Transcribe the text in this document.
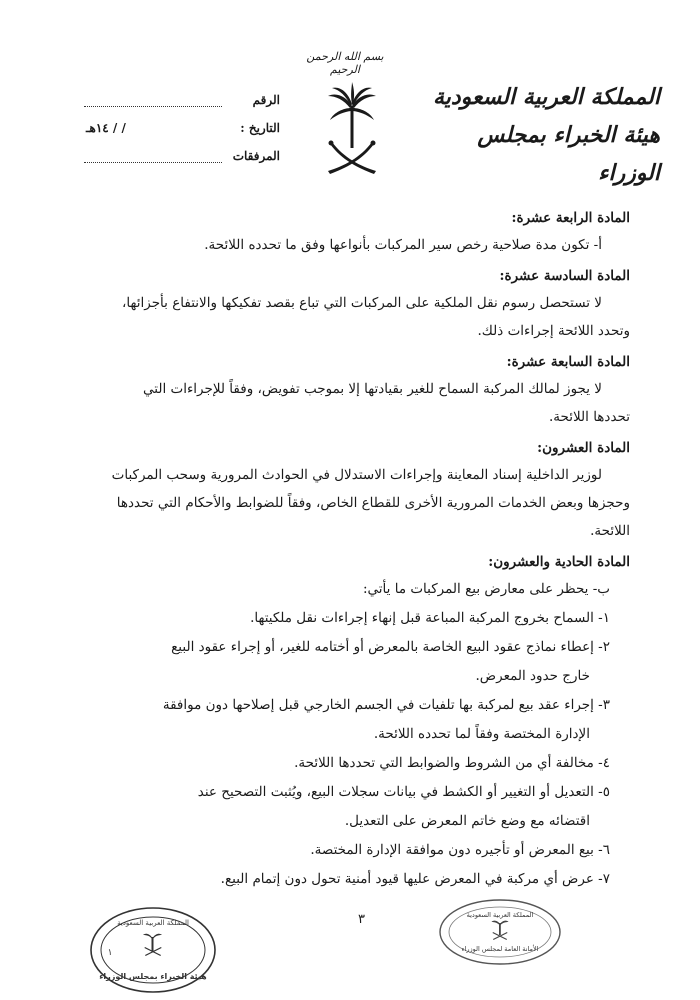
بسم الله الرحمن الرحيم
المملكة العربية السعودية
هيئة الخبراء بمجلس الوزراء
الرقم
التاريخ :
/ / ١٤هـ
المرفقات
المادة الرابعة عشرة:
أ- تكون مدة صلاحية رخص سير المركبات بأنواعها وفق ما تحدده اللائحة.
المادة السادسة عشرة:
لا تستحصل رسوم نقل الملكية على المركبات التي تباع بقصد تفكيكها والانتفاع بأجزائها،
وتحدد اللائحة إجراءات ذلك.
المادة السابعة عشرة:
لا يجوز لمالك المركبة السماح للغير بقيادتها إلا بموجب تفويض، وفقاً للإجراءات التي
تحددها اللائحة.
المادة العشرون:
لوزير الداخلية إسناد المعاينة وإجراءات الاستدلال في الحوادث المرورية وسحب المركبات
وحجزها وبعض الخدمات المرورية الأخرى للقطاع الخاص، وفقاً للضوابط والأحكام التي تحددها
اللائحة.
المادة الحادية والعشرون:
ب- يحظر على معارض بيع المركبات ما يأتي:
١- السماح بخروج المركبة المباعة قبل إنهاء إجراءات نقل ملكيتها.
٢- إعطاء نماذج عقود البيع الخاصة بالمعرض أو أختامه للغير، أو إجراء عقود البيع
خارج حدود المعرض.
٣- إجراء عقد بيع لمركبة بها تلفيات في الجسم الخارجي قبل إصلاحها دون موافقة
الإدارة المختصة وفقاً لما تحدده اللائحة.
٤- مخالفة أي من الشروط والضوابط التي تحددها اللائحة.
٥- التعديل أو التغيير أو الكشط في بيانات سجلات البيع، ويُثبت التصحيح عند
اقتضائه مع وضع خاتم المعرض على التعديل.
٦- بيع المعرض أو تأجيره دون موافقة الإدارة المختصة.
٧- عرض أي مركبة في المعرض عليها قيود أمنية تحول دون إتمام البيع.
٣
المملكة العربية السعودية
هيئة الخبراء بمجلس الوزراء
١
المملكة العربية السعودية
الأمانة العامة لمجلس الوزراء
